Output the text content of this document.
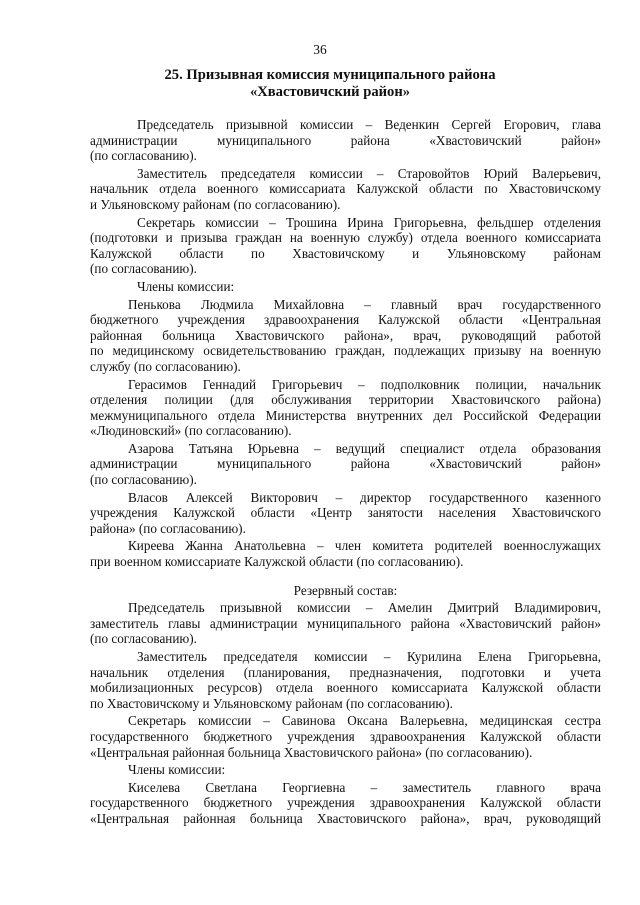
36
25. Призывная комиссия муниципального района
«Хвастовичский район»
Председатель призывной комиссии – Веденкин Сергей Егорович, глава
администрации муниципального района «Хвастовичский район»
(по согласованию).
Заместитель председателя комиссии – Старовойтов Юрий Валерьевич,
начальник отдела военного комиссариата Калужской области по Хвастовичскому
и Ульяновскому районам (по согласованию).
Секретарь комиссии – Трошина Ирина Григорьевна, фельдшер отделения
(подготовки и призыва граждан на военную службу) отдела военного комиссариата
Калужской области по Хвастовичскому и Ульяновскому районам
(по согласованию).
Члены комиссии:
Пенькова Людмила Михайловна – главный врач государственного
бюджетного учреждения здравоохранения Калужской области «Центральная
районная больница Хвастовичского района», врач, руководящий работой
по медицинскому освидетельствованию граждан, подлежащих призыву на военную
службу (по согласованию).
Герасимов Геннадий Григорьевич – подполковник полиции, начальник
отделения полиции (для обслуживания территории Хвастовичского района)
межмуниципального отдела Министерства внутренних дел Российской Федерации
«Людиновский» (по согласованию).
Азарова Татьяна Юрьевна – ведущий специалист отдела образования
администрации муниципального района «Хвастовичский район»
(по согласованию).
Власов Алексей Викторович – директор государственного казенного
учреждения Калужской области «Центр занятости населения Хвастовичского
района» (по согласованию).
Киреева Жанна Анатольевна – член комитета родителей военнослужащих
при военном комиссариате Калужской области (по согласованию).
Резервный состав:
Председатель призывной комиссии – Амелин Дмитрий Владимирович,
заместитель главы администрации муниципального района «Хвастовичский район»
(по согласованию).
Заместитель председателя комиссии – Курилина Елена Григорьевна,
начальник отделения (планирования, предназначения, подготовки и учета
мобилизационных ресурсов) отдела военного комиссариата Калужской области
по Хвастовичскому и Ульяновскому районам (по согласованию).
Секретарь комиссии – Савинова Оксана Валерьевна, медицинская сестра
государственного бюджетного учреждения здравоохранения Калужской области
«Центральная районная больница Хвастовичского района» (по согласованию).
Члены комиссии:
Киселева Светлана Георгиевна – заместитель главного врача
государственного бюджетного учреждения здравоохранения Калужской области
«Центральная районная больница Хвастовичского района», врач, руководящий
